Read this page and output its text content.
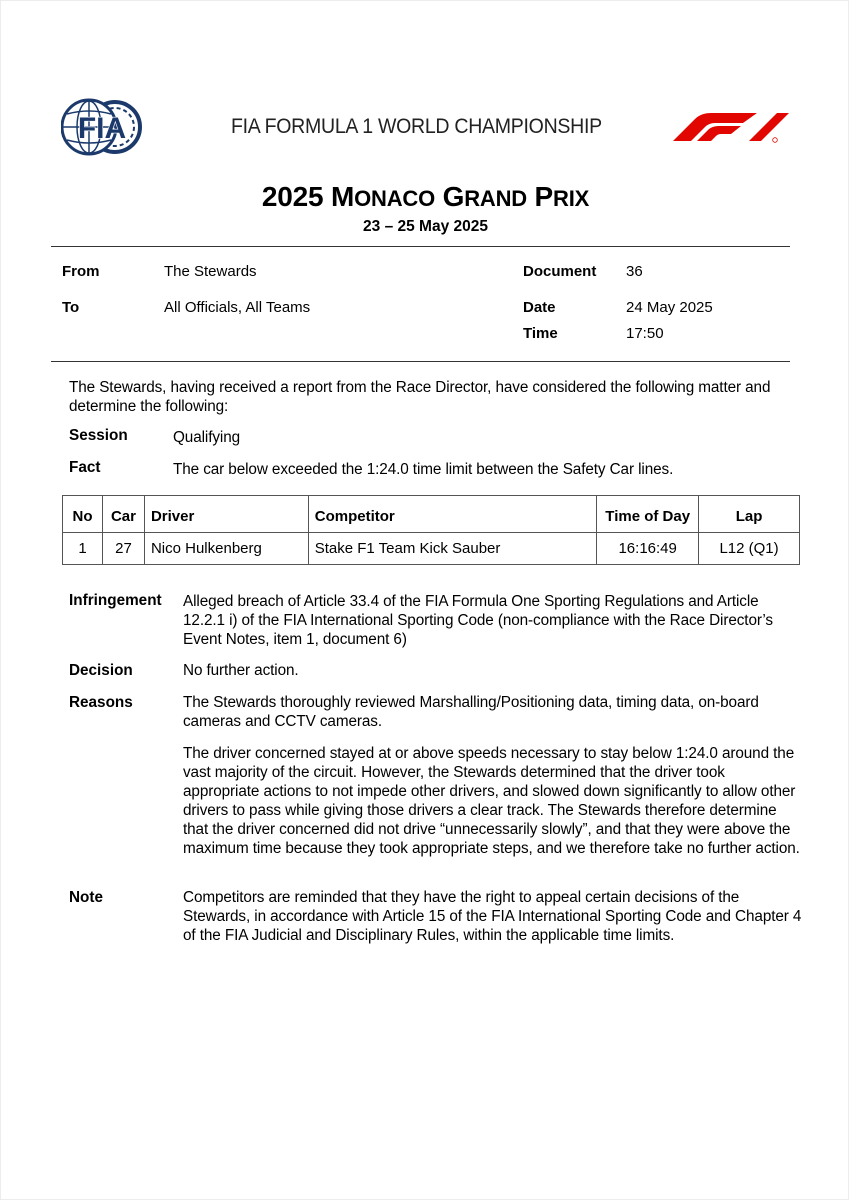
FIA	FIA FORMULA 1 WORLD CHAMPIONSHIP
2025 MONACO GRAND PRIX
23 – 25 May 2025
From	The Stewards
To	All Officials, All Teams
Document 36
Date	24 May 2025
Time	17:50
The Stewards, having received a report from the Race Director, have considered the following matter and determine the following:
Session	Qualifying
Fact	The car below exceeded the 1:24.0 time limit between the Safety Car lines.
No	Car	Driver	Competitor	Time of Day	Lap
1	27	Nico Hulkenberg	Stake F1 Team Kick Sauber	16:16:49	L12 (Q1)
Infringement Alleged breach of Article 33.4 of the FIA Formula One Sporting Regulations and Article 12.2.1 i) of the FIA International Sporting Code (non-compliance with the Race Director’s Event Notes, item 1, document 6)
Decision	No further action.
Reasons	The Stewards thoroughly reviewed Marshalling/Positioning data, timing data, on-board cameras and CCTV cameras.
The driver concerned stayed at or above speeds necessary to stay below 1:24.0 around the vast majority of the circuit. However, the Stewards determined that the driver took appropriate actions to not impede other drivers, and slowed down significantly to allow other drivers to pass while giving those drivers a clear track. The Stewards therefore determine that the driver concerned did not drive “unnecessarily slowly”, and that they were above the maximum time because they took appropriate steps, and we therefore take no further action.
Note	Competitors are reminded that they have the right to appeal certain decisions of the Stewards, in accordance with Article 15 of the FIA International Sporting Code and Chapter 4 of the FIA Judicial and Disciplinary Rules, within the applicable time limits.
